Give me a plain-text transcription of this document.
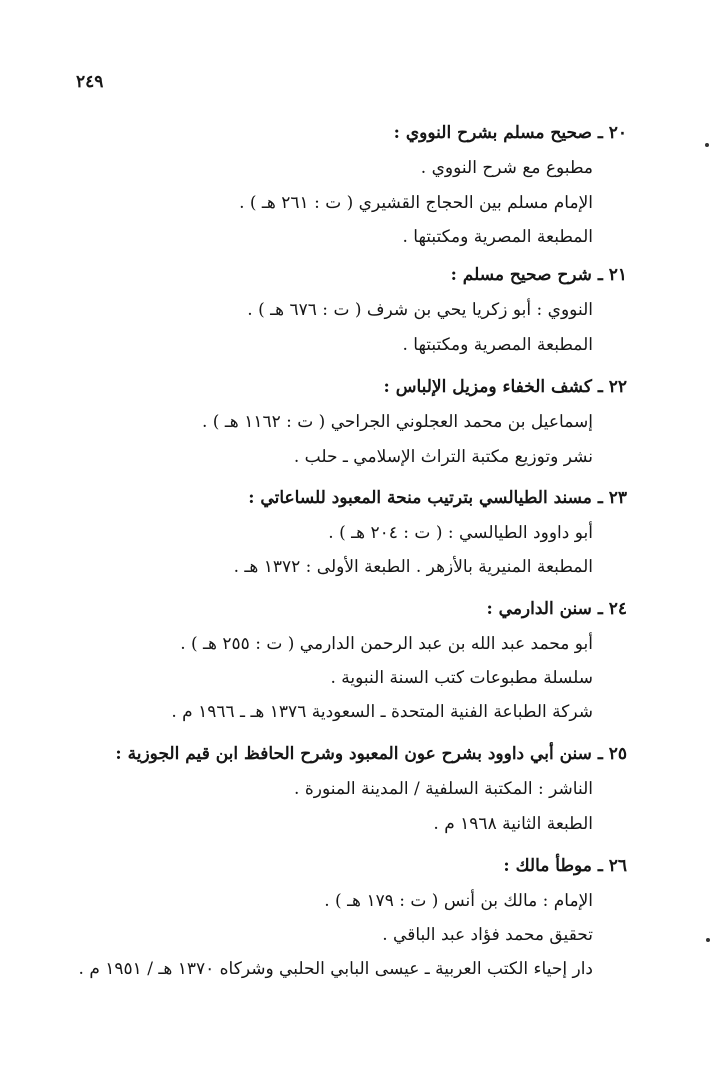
٢٤٩
٢٠ ـ صحيح مسلم بشرح النووي :
مطبوع مع شرح النووي .
الإمام مسلم بين الحجاج القشيري ( ت : ٢٦١ هـ ) .
المطبعة المصرية ومكتبتها .
٢١ ـ شرح صحيح مسلم :
النووي : أبو زكريا يحي بن شرف ( ت : ٦٧٦ هـ ) .
المطبعة المصرية ومكتبتها .
٢٢ ـ كشف الخفاء ومزيل الإلباس :
إسماعيل بن محمد العجلوني الجراحي ( ت : ١١٦٢ هـ ) .
نشر وتوزيع مكتبة التراث الإسلامي ـ حلب .
٢٣ ـ مسند الطيالسي بترتيب منحة المعبود للساعاتي :
أبو داوود الطيالسي : ( ت : ٢٠٤ هـ ) .
المطبعة المنيرية بالأزهر . الطبعة الأولى : ١٣٧٢ هـ .
٢٤ ـ سنن الدارمي :
أبو محمد عبد الله بن عبد الرحمن الدارمي ( ت : ٢٥٥ هـ ) .
سلسلة مطبوعات كتب السنة النبوية .
شركة الطباعة الفنية المتحدة ـ السعودية ١٣٧٦ هـ ـ ١٩٦٦ م .
٢٥ ـ سنن أبي داوود بشرح عون المعبود وشرح الحافظ ابن قيم الجوزية :
الناشر : المكتبة السلفية / المدينة المنورة .
الطبعة الثانية ١٩٦٨ م .
٢٦ ـ موطأ مالك :
الإمام : مالك بن أنس ( ت : ١٧٩ هـ ) .
تحقيق محمد فؤاد عبد الباقي .
دار إحياء الكتب العربية ـ عيسى البابي الحلبي وشركاه ١٣٧٠ هـ / ١٩٥١ م .
